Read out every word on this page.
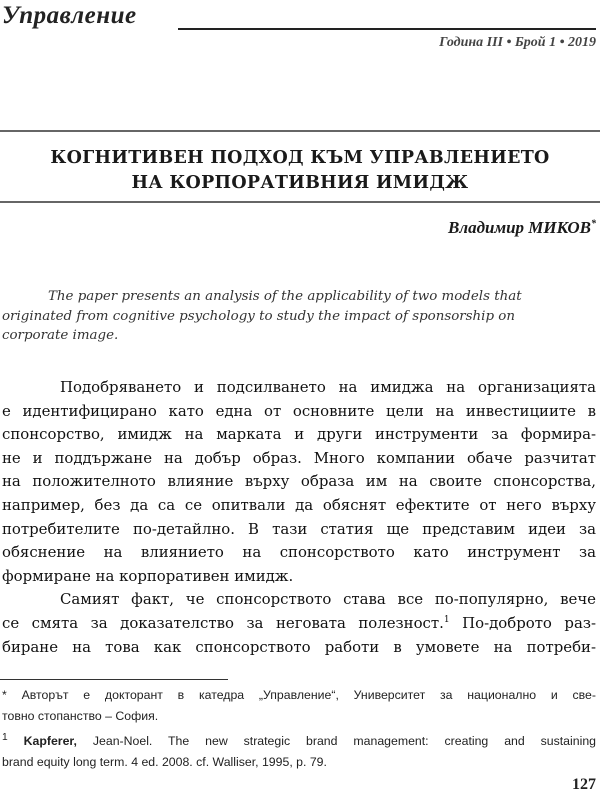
Управление
Година III • Брой 1 • 2019
КОГНИТИВЕН ПОДХОД КЪМ УПРАВЛЕНИЕТО
НА КОРПОРАТИВНИЯ ИМИДЖ
Владимир МИКОВ*
The paper presents an analysis of the applicability of two models that
originated from cognitive psychology to study the impact of sponsorship on
corporate image.
Подобряването и подсилването на имиджа на организацията
е идентифицирано като една от основните цели на инвестициите в
спонсорство, имидж на марката и други инструменти за формира-
не и поддържане на добър образ. Много компании обаче разчитат
на положителното влияние върху образа им на своите спонсорства,
например, без да са се опитвали да обяснят ефектите от него върху
потребителите по-детайлно. В тази статия ще представим идеи за
обяснение на влиянието на спонсорството като инструмент за
формиране на корпоративен имидж.
Самият факт, че спонсорството става все по-популярно, вече
се смята за доказателство за неговата полезност.$^1$ По-доброто раз-
биране на това как спонсорството работи в умовете на потреби-
* Авторът е докторант в катедра „Управление“, Университет за национално и све-
товно стопанство – София.
$^1$ Kapferer, Jean-Noel. The new strategic brand management: creating and sustaining
brand equity long term. 4 ed. 2008. cf. Walliser, 1995, p. 79.
127
